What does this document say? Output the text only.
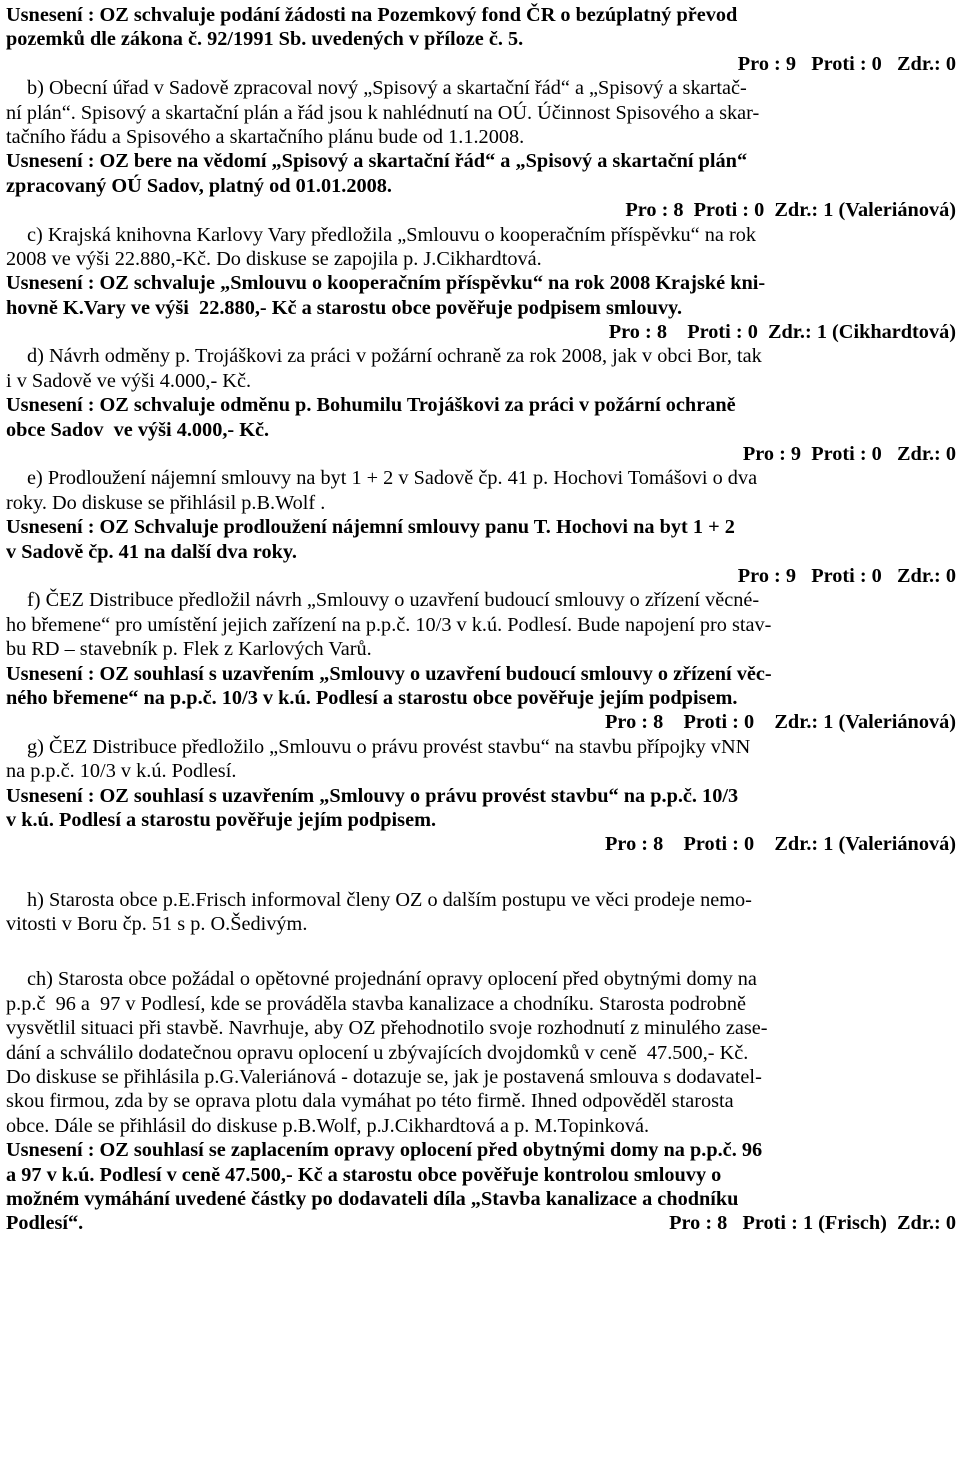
Usnesení : OZ schvaluje podání žádosti na Pozemkový fond ČR o bezúplatný převod
pozemků dle zákona č. 92/1991 Sb. uvedených v příloze č. 5.
Pro : 9   Proti : 0   Zdr.: 0
b) Obecní úřad v Sadově zpracoval nový „Spisový a skartační řád“ a „Spisový a skartač-
ní plán“. Spisový a skartační plán a řád jsou k nahlédnutí na OÚ. Účinnost Spisového a skar-
tačního řádu a Spisového a skartačního plánu bude od 1.1.2008.
Usnesení : OZ bere na vědomí „Spisový a skartační řád“ a „Spisový a skartační plán“
zpracovaný OÚ Sadov, platný od 01.01.2008.
Pro : 8  Proti : 0  Zdr.: 1 (Valeriánová)
c) Krajská knihovna Karlovy Vary předložila „Smlouvu o kooperačním příspěvku“ na rok
2008 ve výši 22.880,-Kč. Do diskuse se zapojila p. J.Cikhardtová.
Usnesení : OZ schvaluje „Smlouvu o kooperačním příspěvku“ na rok 2008 Krajské kni-
hovně K.Vary ve výši  22.880,- Kč a starostu obce pověřuje podpisem smlouvy.
Pro : 8    Proti : 0  Zdr.: 1 (Cikhardtová)
d) Návrh odměny p. Trojáškovi za práci v požární ochraně za rok 2008, jak v obci Bor, tak
i v Sadově ve výši 4.000,- Kč.
Usnesení : OZ schvaluje odměnu p. Bohumilu Trojáškovi za práci v požární ochraně
obce Sadov  ve výši 4.000,- Kč.
Pro : 9  Proti : 0   Zdr.: 0
e) Prodloužení nájemní smlouvy na byt 1 + 2 v Sadově čp. 41 p. Hochovi Tomášovi o dva
roky. Do diskuse se přihlásil p.B.Wolf .
Usnesení : OZ Schvaluje prodloužení nájemní smlouvy panu T. Hochovi na byt 1 + 2
v Sadově čp. 41 na další dva roky.
Pro : 9   Proti : 0   Zdr.: 0
f) ČEZ Distribuce předložil návrh „Smlouvy o uzavření budoucí smlouvy o zřízení věcné-
ho břemene“ pro umístění jejich zařízení na p.p.č. 10/3 v k.ú. Podlesí. Bude napojení pro stav-
bu RD – stavebník p. Flek z Karlových Varů.
Usnesení : OZ souhlasí s uzavřením „Smlouvy o uzavření budoucí smlouvy o zřízení věc-
ného břemene“ na p.p.č. 10/3 v k.ú. Podlesí a starostu obce pověřuje jejím podpisem.
Pro : 8    Proti : 0    Zdr.: 1 (Valeriánová)
g) ČEZ Distribuce předložilo „Smlouvu o právu provést stavbu“ na stavbu přípojky vNN
na p.p.č. 10/3 v k.ú. Podlesí.
Usnesení : OZ souhlasí s uzavřením „Smlouvy o právu provést stavbu“ na p.p.č. 10/3
v k.ú. Podlesí a starostu pověřuje jejím podpisem.
Pro : 8    Proti : 0    Zdr.: 1 (Valeriánová)
h) Starosta obce p.E.Frisch informoval členy OZ o dalším postupu ve věci prodeje nemo-
vitosti v Boru čp. 51 s p. O.Šedivým.
ch) Starosta obce požádal o opětovné projednání opravy oplocení před obytnými domy na
p.p.č  96 a  97 v Podlesí, kde se prováděla stavba kanalizace a chodníku. Starosta podrobně
vysvětlil situaci při stavbě. Navrhuje, aby OZ přehodnotilo svoje rozhodnutí z minulého zase-
dání a schválilo dodatečnou opravu oplocení u zbývajících dvojdomků v ceně  47.500,- Kč.
Do diskuse se přihlásila p.G.Valeriánová - dotazuje se, jak je postavená smlouva s dodavatel-
skou firmou, zda by se oprava plotu dala vymáhat po této firmě. Ihned odpověděl starosta
obce. Dále se přihlásil do diskuse p.B.Wolf, p.J.Cikhardtová a p. M.Topinková.
Usnesení : OZ souhlasí se zaplacením opravy oplocení před obytnými domy na p.p.č. 96
a 97 v k.ú. Podlesí v ceně 47.500,- Kč a starostu obce pověřuje kontrolou smlouvy o
možném vymáhání uvedené částky po dodavateli díla „Stavba kanalizace a chodníku
Podlesí“.	Pro : 8   Proti : 1 (Frisch)  Zdr.: 0
